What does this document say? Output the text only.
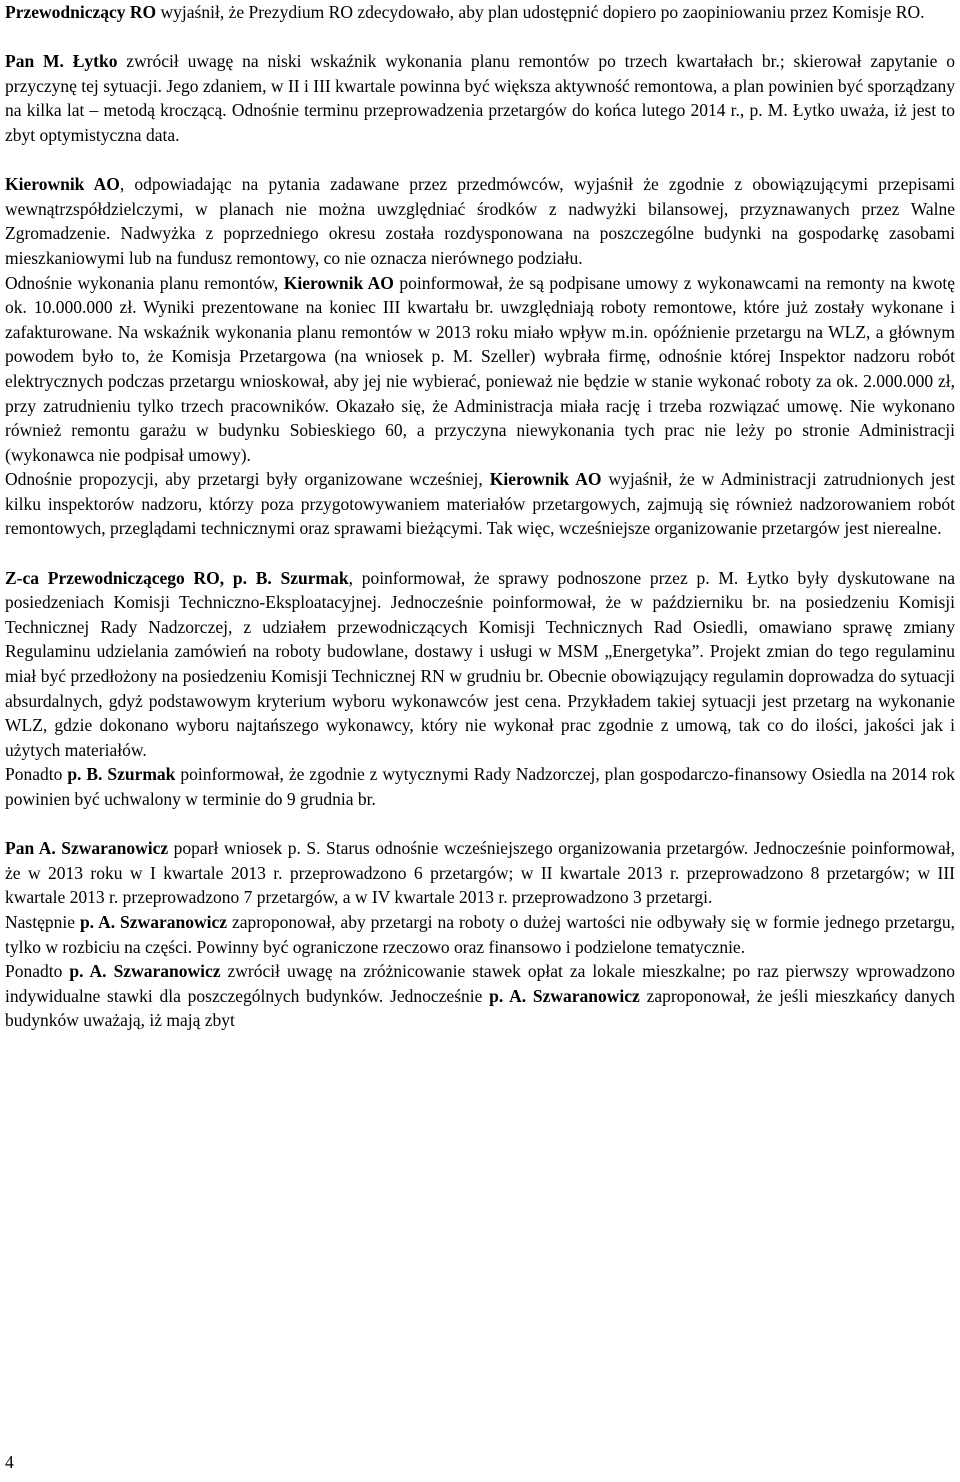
Przewodniczący RO wyjaśnił, że Prezydium RO zdecydowało, aby plan udostępnić dopiero po zaopiniowaniu przez Komisje RO.

Pan M. Łytko zwrócił uwagę na niski wskaźnik wykonania planu remontów po trzech kwartałach br.; skierował zapytanie o przyczynę tej sytuacji. Jego zdaniem, w II i III kwartale powinna być większa aktywność remontowa, a plan powinien być sporządzany na kilka lat – metodą kroczącą. Odnośnie terminu przeprowadzenia przetargów do końca lutego 2014 r., p. M. Łytko uważa, iż jest to zbyt optymistyczna data.

Kierownik AO, odpowiadając na pytania zadawane przez przedmówców, wyjaśnił że zgodnie z obowiązującymi przepisami wewnątrzspółdzielczymi, w planach nie można uwzględniać środków z nadwyżki bilansowej, przyznawanych przez Walne Zgromadzenie. Nadwyżka z poprzedniego okresu została rozdysponowana na poszczególne budynki na gospodarkę zasobami mieszkaniowymi lub na fundusz remontowy, co nie oznacza nierównego podziału.

Odnośnie wykonania planu remontów, Kierownik AO poinformował, że są podpisane umowy z wykonawcami na remonty na kwotę ok. 10.000.000 zł. Wyniki prezentowane na koniec III kwartału br. uwzględniają roboty remontowe, które już zostały wykonane i zafakturowane. Na wskaźnik wykonania planu remontów w 2013 roku miało wpływ m.in. opóźnienie przetargu na WLZ, a głównym powodem było to, że Komisja Przetargowa (na wniosek p. M. Szeller) wybrała firmę, odnośnie której Inspektor nadzoru robót elektrycznych podczas przetargu wnioskował, aby jej nie wybierać, ponieważ nie będzie w stanie wykonać roboty za ok. 2.000.000 zł, przy zatrudnieniu tylko trzech pracowników. Okazało się, że Administracja miała rację i trzeba rozwiązać umowę. Nie wykonano również remontu garażu w budynku Sobieskiego 60, a przyczyna niewykonania tych prac nie leży po stronie Administracji (wykonawca nie podpisał umowy).

Odnośnie propozycji, aby przetargi były organizowane wcześniej, Kierownik AO wyjaśnił, że w Administracji zatrudnionych jest kilku inspektorów nadzoru, którzy poza przygotowywaniem materiałów przetargowych, zajmują się również nadzorowaniem robót remontowych, przeglądami technicznymi oraz sprawami bieżącymi. Tak więc, wcześniejsze organizowanie przetargów jest nierealne.

Z-ca Przewodniczącego RO, p. B. Szurmak, poinformował, że sprawy podnoszone przez p. M. Łytko były dyskutowane na posiedzeniach Komisji Techniczno-Eksploatacyjnej. Jednocześnie poinformował, że w październiku br. na posiedzeniu Komisji Technicznej Rady Nadzorczej, z udziałem przewodniczących Komisji Technicznych Rad Osiedli, omawiano sprawę zmiany Regulaminu udzielania zamówień na roboty budowlane, dostawy i usługi w MSM „Energetyka”. Projekt zmian do tego regulaminu miał być przedłożony na posiedzeniu Komisji Technicznej RN w grudniu br. Obecnie obowiązujący regulamin doprowadza do sytuacji absurdalnych, gdyż podstawowym kryterium wyboru wykonawców jest cena. Przykładem takiej sytuacji jest przetarg na wykonanie WLZ, gdzie dokonano wyboru najtańszego wykonawcy, który nie wykonał prac zgodnie z umową, tak co do ilości, jakości jak i użytych materiałów.

Ponadto p. B. Szurmak poinformował, że zgodnie z wytycznymi Rady Nadzorczej, plan gospodarczo-finansowy Osiedla na 2014 rok powinien być uchwalony w terminie do 9 grudnia br.

Pan A. Szwaranowicz poparł wniosek p. S. Starus odnośnie wcześniejszego organizowania przetargów. Jednocześnie poinformował, że w 2013 roku w I kwartale 2013 r. przeprowadzono 6 przetargów; w II kwartale 2013 r. przeprowadzono 8 przetargów; w III kwartale 2013 r. przeprowadzono 7 przetargów, a w IV kwartale 2013 r. przeprowadzono 3 przetargi.

Następnie p. A. Szwaranowicz zaproponował, aby przetargi na roboty o dużej wartości nie odbywały się w formie jednego przetargu, tylko w rozbiciu na części. Powinny być ograniczone rzeczowo oraz finansowo i podzielone tematycznie.

Ponadto p. A. Szwaranowicz zwrócił uwagę na zróżnicowanie stawek opłat za lokale mieszkalne; po raz pierwszy wprowadzono indywidualne stawki dla poszczególnych budynków. Jednocześnie p. A. Szwaranowicz zaproponował, że jeśli mieszkańcy danych budynków uważają, iż mają zbyt

4
